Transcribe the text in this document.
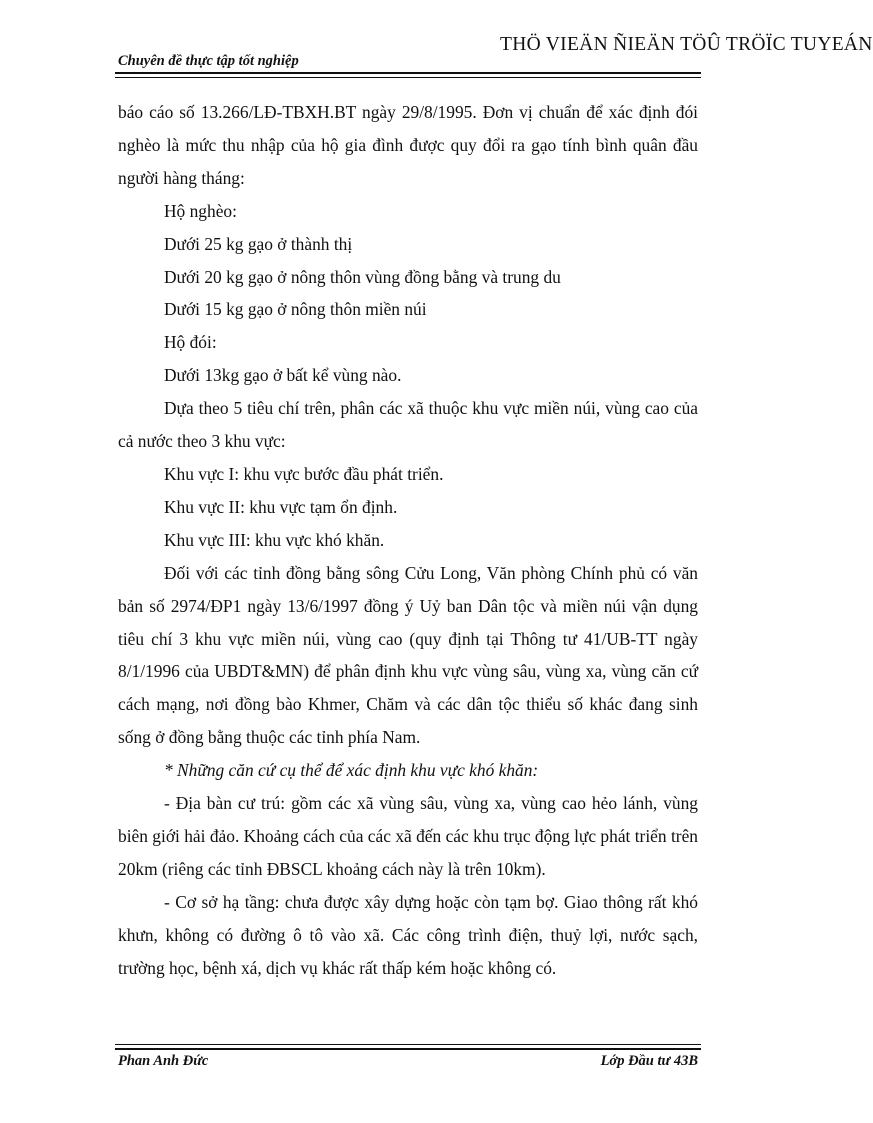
THÖ VIEÄN ÑIEÄN TÖÛ TRÖÏC TUYEÁN
Chuyên đề thực tập tốt nghiệp

báo cáo số 13.266/LĐ-TBXH.BT ngày 29/8/1995. Đơn vị chuẩn để xác định đói nghèo là mức thu nhập của hộ gia đình được quy đổi ra gạo tính bình quân đầu người hàng tháng:

Hộ nghèo:

Dưới 25 kg gạo ở thành thị

Dưới 20 kg gạo ở nông thôn vùng đồng bằng và trung du

Dưới 15 kg gạo ở nông thôn miền núi

Hộ đói:

Dưới 13kg gạo ở bất kể vùng nào.

Dựa theo 5 tiêu chí trên, phân các xã thuộc khu vực miền núi, vùng cao của cả nước theo 3 khu vực:

Khu vực I: khu vực bước đầu phát triển.

Khu vực II: khu vực tạm ổn định.

Khu vực III: khu vực khó khăn.

Đối với các tỉnh đồng bằng sông Cửu Long, Văn phòng Chính phủ có văn bản số 2974/ĐP1 ngày 13/6/1997 đồng ý Uỷ ban Dân tộc và miền núi vận dụng tiêu chí 3 khu vực miền núi, vùng cao (quy định tại Thông tư 41/UB-TT ngày 8/1/1996 của UBDT&MN) để phân định khu vực vùng sâu, vùng xa, vùng căn cứ cách mạng, nơi đồng bào Khmer, Chăm và các dân tộc thiểu số khác đang sinh sống ở đồng bằng thuộc các tỉnh phía Nam.

* Những căn cứ cụ thể để xác định khu vực khó khăn:

- Địa bàn cư trú: gồm các xã vùng sâu, vùng xa, vùng cao hẻo lánh, vùng biên giới hải đảo. Khoảng cách của các xã đến các khu trục động lực phát triển trên 20km (riêng các tỉnh ĐBSCL khoảng cách này là trên 10km).

- Cơ sở hạ tầng: chưa được xây dựng hoặc còn tạm bợ. Giao thông rất khó khưn, không có đường ô tô vào xã. Các công trình điện, thuỷ lợi, nước sạch, trường học, bệnh xá, dịch vụ khác rất thấp kém hoặc không có.

Phan Anh Đức	Lớp Đầu tư 43B
